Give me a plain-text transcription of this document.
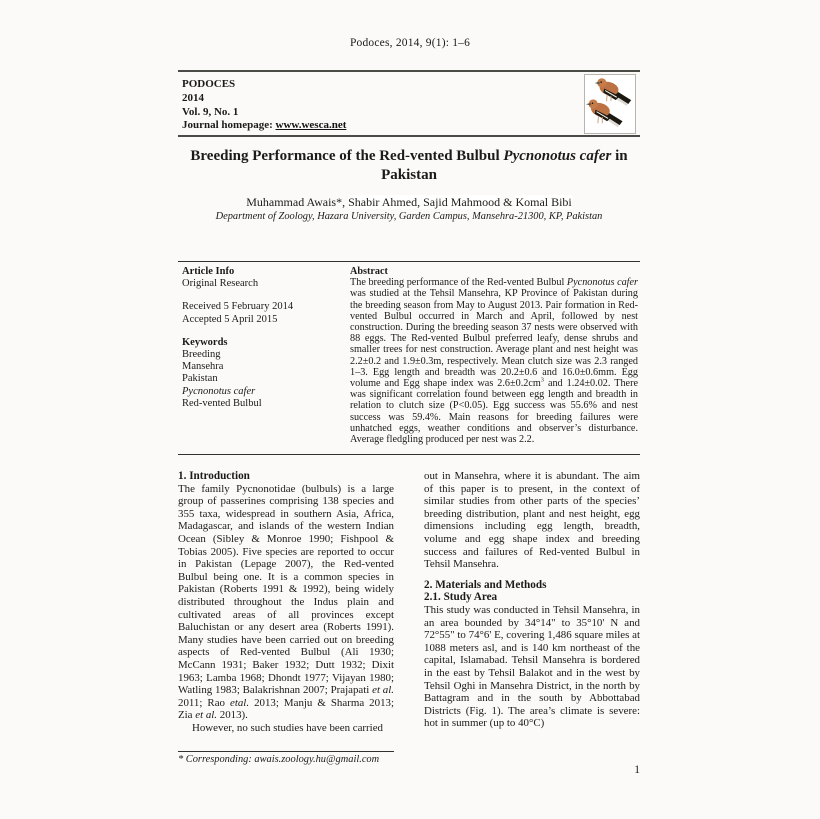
Podoces, 2014, 9(1): 1–6
PODOCES
2014
Vol. 9, No. 1
Journal homepage: www.wesca.net
Breeding Performance of the Red-vented Bulbul Pycnonotus cafer in Pakistan
Muhammad Awais*, Shabir Ahmed, Sajid Mahmood & Komal Bibi
Department of Zoology, Hazara University, Garden Campus, Mansehra-21300, KP, Pakistan
Article Info
Original Research
Received 5 February 2014
Accepted 5 April 2015
Keywords
Breeding
Mansehra
Pakistan
Pycnonotus cafer
Red-vented Bulbul
Abstract
The breeding performance of the Red-vented Bulbul Pycnonotus cafer was studied at the Tehsil Mansehra, KP Province of Pakistan during the breeding season from May to August 2013. Pair formation in Red-vented Bulbul occurred in March and April, followed by nest construction. During the breeding season 37 nests were observed with 88 eggs. The Red-vented Bulbul preferred leafy, dense shrubs and smaller trees for nest construction. Average plant and nest height was 2.2±0.2 and 1.9±0.3m, respectively. Mean clutch size was 2.3 ranged 1–3. Egg length and breadth was 20.2±0.6 and 16.0±0.6mm. Egg volume and Egg shape index was $2.6\pm 0.2cm^3$ and 1.24±0.02. There was significant correlation found between egg length and breadth in relation to clutch size (P<0.05). Egg success was 55.6% and nest success was 59.4%. Main reasons for breeding failures were unhatched eggs, weather conditions and observer’s disturbance. Average fledgling produced per nest was 2.2.
1. Introduction

The family Pycnonotidae (bulbuls) is a large group of passerines comprising 138 species and 355 taxa, widespread in southern Asia, Africa, Madagascar, and islands of the western Indian Ocean (Sibley & Monroe 1990; Fishpool & Tobias 2005). Five species are reported to occur in Pakistan (Lepage 2007), the Red-vented Bulbul being one. It is a common species in Pakistan (Roberts 1991 & 1992), being widely distributed throughout the Indus plain and cultivated areas of all provinces except Baluchistan or any desert area (Roberts 1991). Many studies have been carried out on breeding aspects of Red-vented Bulbul (Ali 1930; McCann 1931; Baker 1932; Dutt 1932; Dixit 1963; Lamba 1968; Dhondt 1977; Vijayan 1980; Watling 1983; Balakrishnan 2007; Prajapati et al. 2011; Rao etal. 2013; Manju & Sharma 2013; Zia et al. 2013).

However, no such studies have been carried

out in Mansehra, where it is abundant. The aim of this paper is to present, in the context of similar studies from other parts of the species’ breeding distribution, plant and nest height, egg dimensions including egg length, breadth, volume and egg shape index and breeding success and failures of Red-vented Bulbul in Tehsil Mansehra.

2. Materials and Methods
2.1. Study Area

This study was conducted in Tehsil Mansehra, in an area bounded by 34°14" to 35°10' N and 72°55" to 74°6' E, covering 1,486 square miles at 1088 meters asl, and is 140 km northeast of the capital, Islamabad. Tehsil Mansehra is bordered in the east by Tehsil Balakot and in the west by Tehsil Oghi in Mansehra District, in the north by Battagram and in the south by Abbottabad Districts (Fig. 1). The area’s climate is severe: hot in summer (up to 40°C)

* Corresponding: awais.zoology.hu@gmail.com
1
